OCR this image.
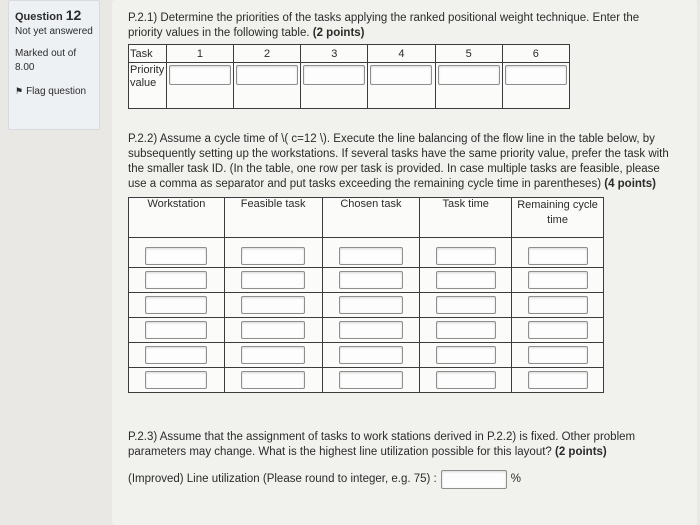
Question 12
Not yet answered
Marked out of 8.00
⚑ Flag question
P.2.1) Determine the priorities of the tasks applying the ranked positional weight technique. Enter the priority values in the following table. (2 points)
Task	1	2	3	4	5	6
Priority value	

P.2.2) Assume a cycle time of \( c=12 \). Execute the line balancing of the flow line in the table below, by subsequently setting up the workstations. If several tasks have the same priority value, prefer the task with the smaller task ID. (In the table, one row per task is provided. In case multiple tasks are feasible, please use a comma as separator and put tasks exceeding the remaining cycle time in parentheses) (4 points)
Workstation	Feasible task	Chosen task	Task time	Remaining cycle time

P.2.3) Assume that the assignment of tasks to work stations derived in P.2.2) is fixed. Other problem parameters may change. What is the highest line utilization possible for this layout? (2 points)
(Improved) Line utilization (Please round to integer, e.g. 75) :	%
